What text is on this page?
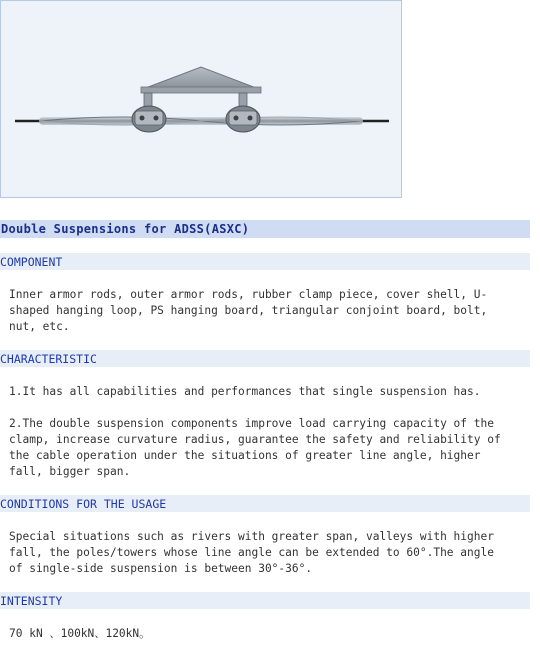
Double Suspensions for ADSS(ASXC)
COMPONENT

Inner armor rods, outer armor rods, rubber clamp piece, cover shell, U-shaped hanging loop, PS hanging board, triangular conjoint board, bolt, nut, etc.

CHARACTERISTIC

1.It has all capabilities and performances that single suspension has.

2.The double suspension components improve load carrying capacity of the clamp, increase curvature radius, guarantee the safety and reliability of the cable operation under the situations of greater line angle, higher fall, bigger span.

CONDITIONS FOR THE USAGE

Special situations such as rivers with greater span, valleys with higher fall, the poles/towers whose line angle can be extended to 60°.The angle of single-side suspension is between 30°-36°.

INTENSITY

70 kN 、100kN、120kN。
